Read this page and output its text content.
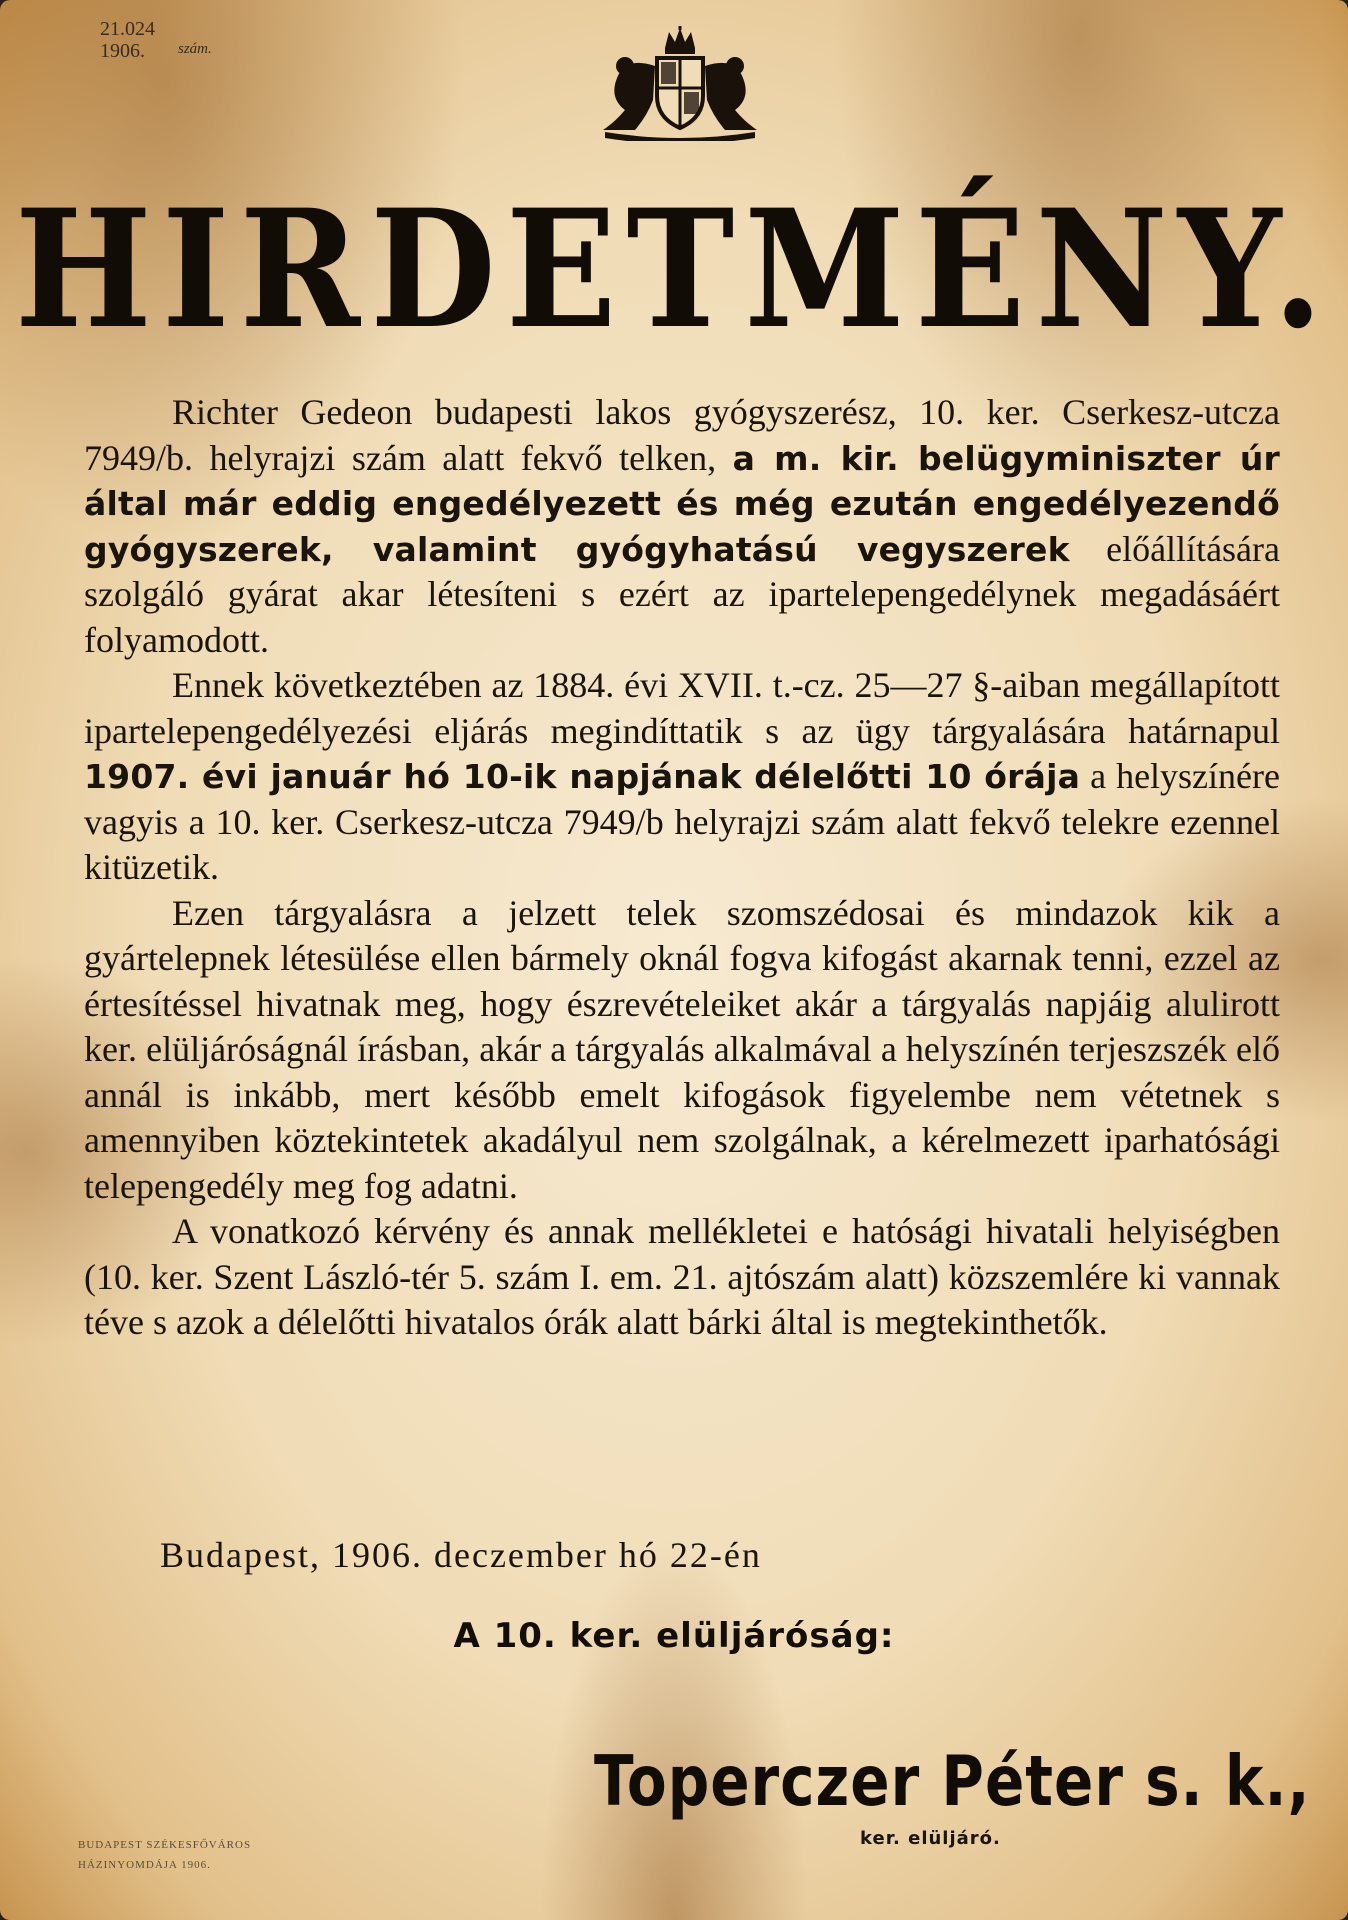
21.024
1906.	szám.
HIRDETMÉNY.

Richter Gedeon budapesti lakos gyógyszerész, 10. ker. Cserkesz-utcza 7949/b. helyrajzi szám alatt fekvő telken, a m. kir. belügyminiszter úr által már eddig engedélyezett és még ezután engedélyezendő gyógyszerek, valamint gyógyhatású vegyszerek előállítására szolgáló gyárat akar létesíteni s ezért az ipartelepengedélynek megadásáért folyamodott.

Ennek következtében az 1884. évi XVII. t.-cz. 25—27 §-aiban megállapított ipartelepengedélyezési eljárás megindíttatik s az ügy tárgyalására határnapul 1907. évi január hó 10-ik napjának délelőtti 10 órája a helyszínére vagyis a 10. ker. Cserkesz-utcza 7949/b helyrajzi szám alatt fekvő telekre ezennel kitüzetik.

Ezen tárgyalásra a jelzett telek szomszédosai és mindazok kik a gyártelepnek létesülése ellen bármely oknál fogva kifogást akarnak tenni, ezzel az értesítéssel hivatnak meg, hogy észrevételeiket akár a tárgyalás napjáig alulirott ker. elüljáróságnál írásban, akár a tárgyalás alkalmával a helyszínén terjeszszék elő annál is inkább, mert később emelt kifogások figyelembe nem vétetnek s amennyiben köztekintetek akadályul nem szolgálnak, a kérelmezett iparhatósági telepengedély meg fog adatni.

A vonatkozó kérvény és annak mellékletei e hatósági hivatali helyiségben (10. ker. Szent László-tér 5. szám I. em. 21. ajtószám alatt) közszemlére ki vannak téve s azok a délelőtti hivatalos órák alatt bárki által is megtekinthetők.

Budapest, 1906. deczember hó 22-én
A 10. ker. elüljáróság:
Toperczer Péter s. k.,
ker. elüljáró.
BUDAPEST SZÉKESFŐVÁROS
HÁZINYOMDÁJA 1906.
